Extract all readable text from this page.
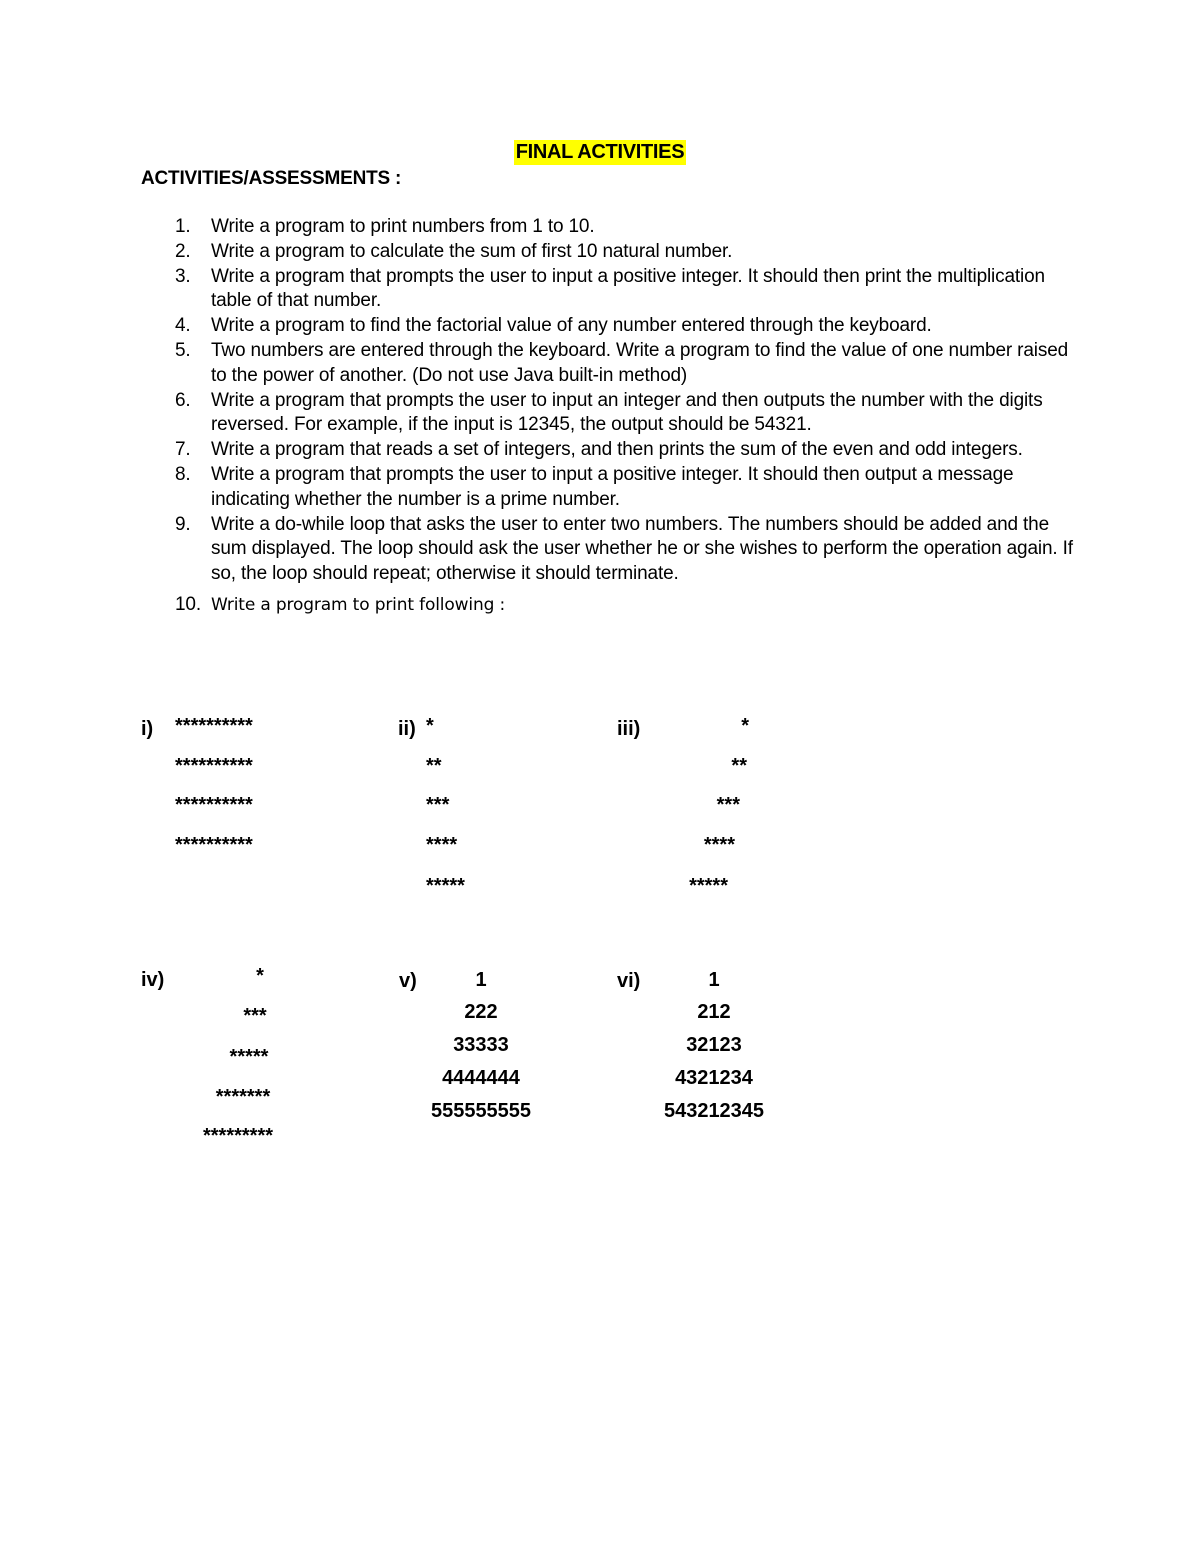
FINAL ACTIVITIES
ACTIVITIES/ASSESSMENTS :
1.	Write a program to print numbers from 1 to 10.
2.	Write a program to calculate the sum of first 10 natural number.
3.	Write a program that prompts the user to input a positive integer. It should then print the multiplication table of that number.
4.	Write a program to find the factorial value of any number entered through the keyboard.
5.	Two numbers are entered through the keyboard. Write a program to find the value of one number raised to the power of another. (Do not use Java built-in method)
6.	Write a program that prompts the user to input an integer and then outputs the number with the digits reversed. For example, if the input is 12345, the output should be 54321.
7.	Write a program that reads a set of integers, and then prints the sum of the even and odd integers.
8.	Write a program that prompts the user to input a positive integer. It should then output a message indicating whether the number is a prime number.
9.	Write a do-while loop that asks the user to enter two numbers. The numbers should be added and the sum displayed. The loop should ask the user whether he or she wishes to perform the operation again. If so, the loop should repeat; otherwise it should terminate.
10. Write a program to print following :
i) **********
**********
**********
**********
ii) *
**
***
****
*****
iii)	*
**
***
****
*****
iv)	*
***
*****
*******
*********
v)	1
222
33333
4444444
555555555
vi)	1
212
32123
4321234
543212345
